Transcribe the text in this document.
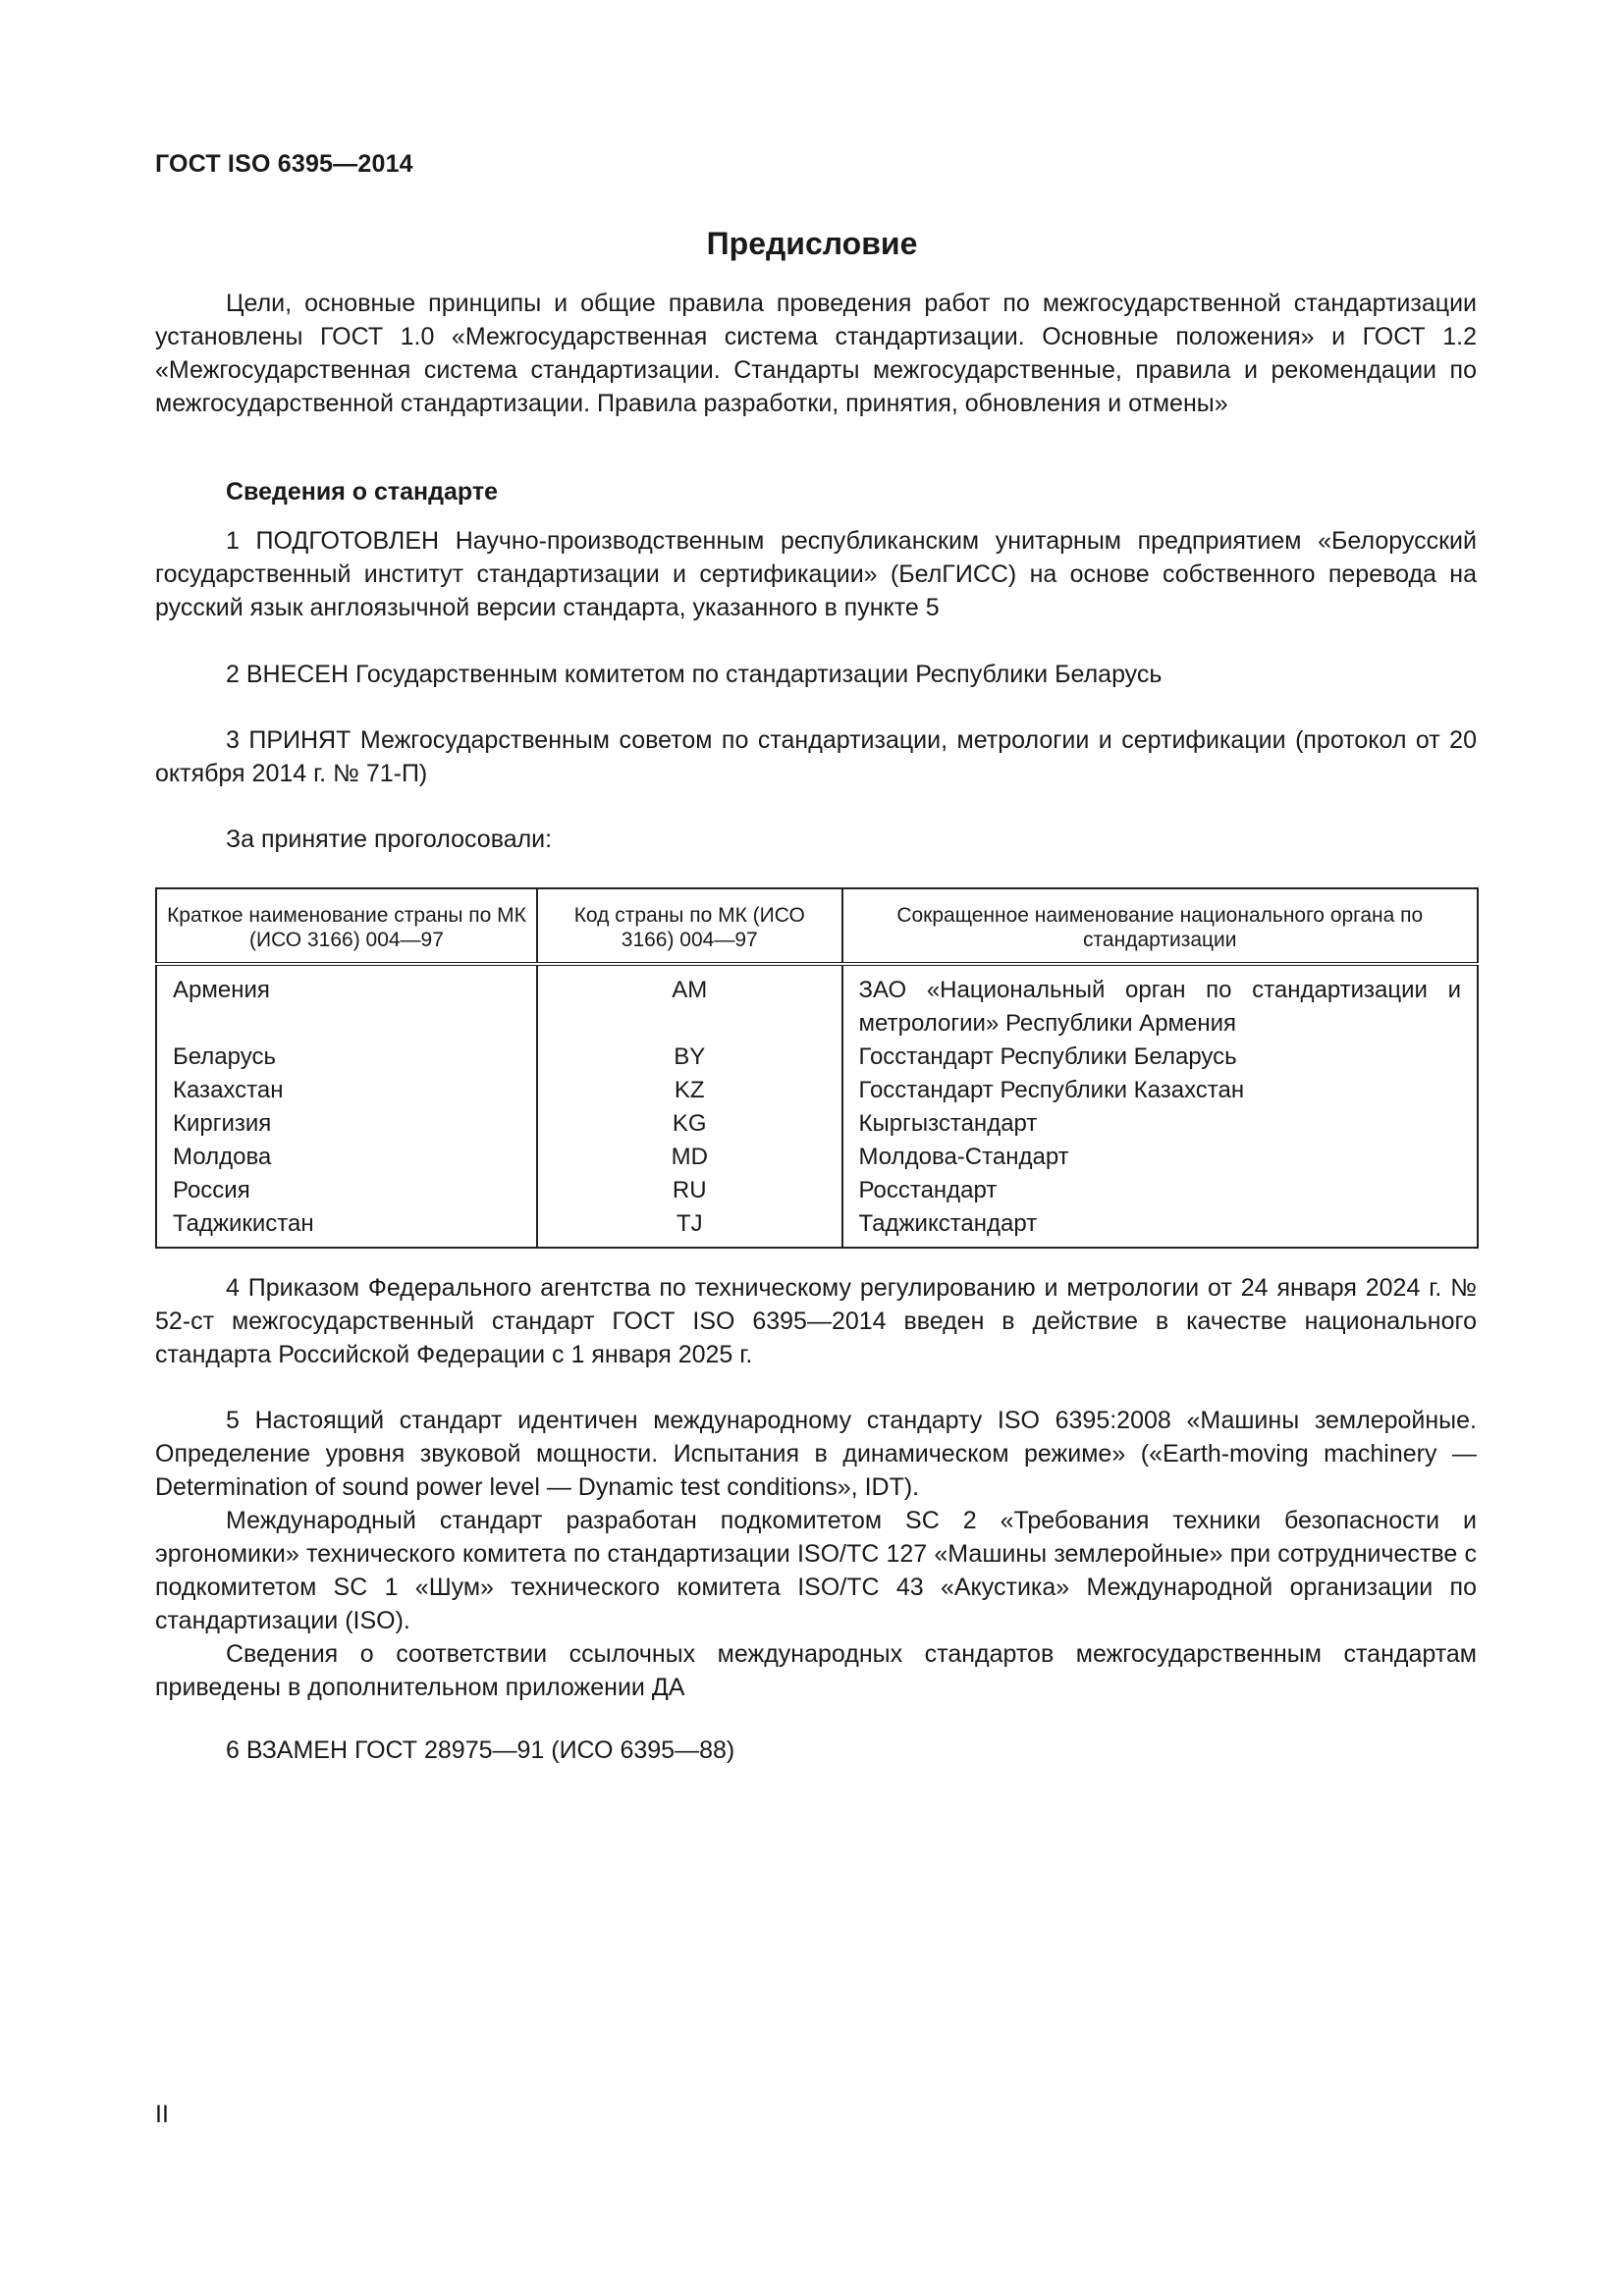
ГОСТ ISO 6395—2014
Предисловие
Цели, основные принципы и общие правила проведения работ по межгосударственной стандартизации установлены ГОСТ 1.0 «Межгосударственная система стандартизации. Основные положения» и ГОСТ 1.2 «Межгосударственная система стандартизации. Стандарты межгосударственные, правила и рекомендации по межгосударственной стандартизации. Правила разработки, принятия, обновления и отмены»
Сведения о стандарте
1 ПОДГОТОВЛЕН Научно-производственным республиканским унитарным предприятием «Белорусский государственный институт стандартизации и сертификации» (БелГИСС) на основе собственного перевода на русский язык англоязычной версии стандарта, указанного в пункте 5
2 ВНЕСЕН Государственным комитетом по стандартизации Республики Беларусь
3 ПРИНЯТ Межгосударственным советом по стандартизации, метрологии и сертификации (протокол от 20 октября 2014 г. № 71-П)
За принятие проголосовали:
Краткое наименование страны по МК (ИСО 3166) 004—97	Код страны по МК (ИСО 3166) 004—97	Сокращенное наименование национального органа по стандартизации
Армения	AM	ЗАО «Национальный орган по стандартизации и метрологии» Республики Армения
Беларусь	BY	Госстандарт Республики Беларусь
Казахстан	KZ	Госстандарт Республики Казахстан
Киргизия	KG	Кыргызстандарт
Молдова	MD	Молдова-Стандарт
Россия	RU	Росстандарт
Таджикистан	TJ	Таджикстандарт
4 Приказом Федерального агентства по техническому регулированию и метрологии от 24 января 2024 г. № 52-ст межгосударственный стандарт ГОСТ ISO 6395—2014 введен в действие в качестве национального стандарта Российской Федерации с 1 января 2025 г.
5 Настоящий стандарт идентичен международному стандарту ISO 6395:2008 «Машины землеройные. Определение уровня звуковой мощности. Испытания в динамическом режиме» («Earth-moving machinery — Determination of sound power level — Dynamic test conditions», IDT).
Международный стандарт разработан подкомитетом SC 2 «Требования техники безопасности и эргономики» технического комитета по стандартизации ISO/TC 127 «Машины землеройные» при сотрудничестве с подкомитетом SC 1 «Шум» технического комитета ISO/TC 43 «Акустика» Международной организации по стандартизации (ISO).
Сведения о соответствии ссылочных международных стандартов межгосударственным стандартам приведены в дополнительном приложении ДА
6 ВЗАМЕН ГОСТ 28975—91 (ИСО 6395—88)
II
